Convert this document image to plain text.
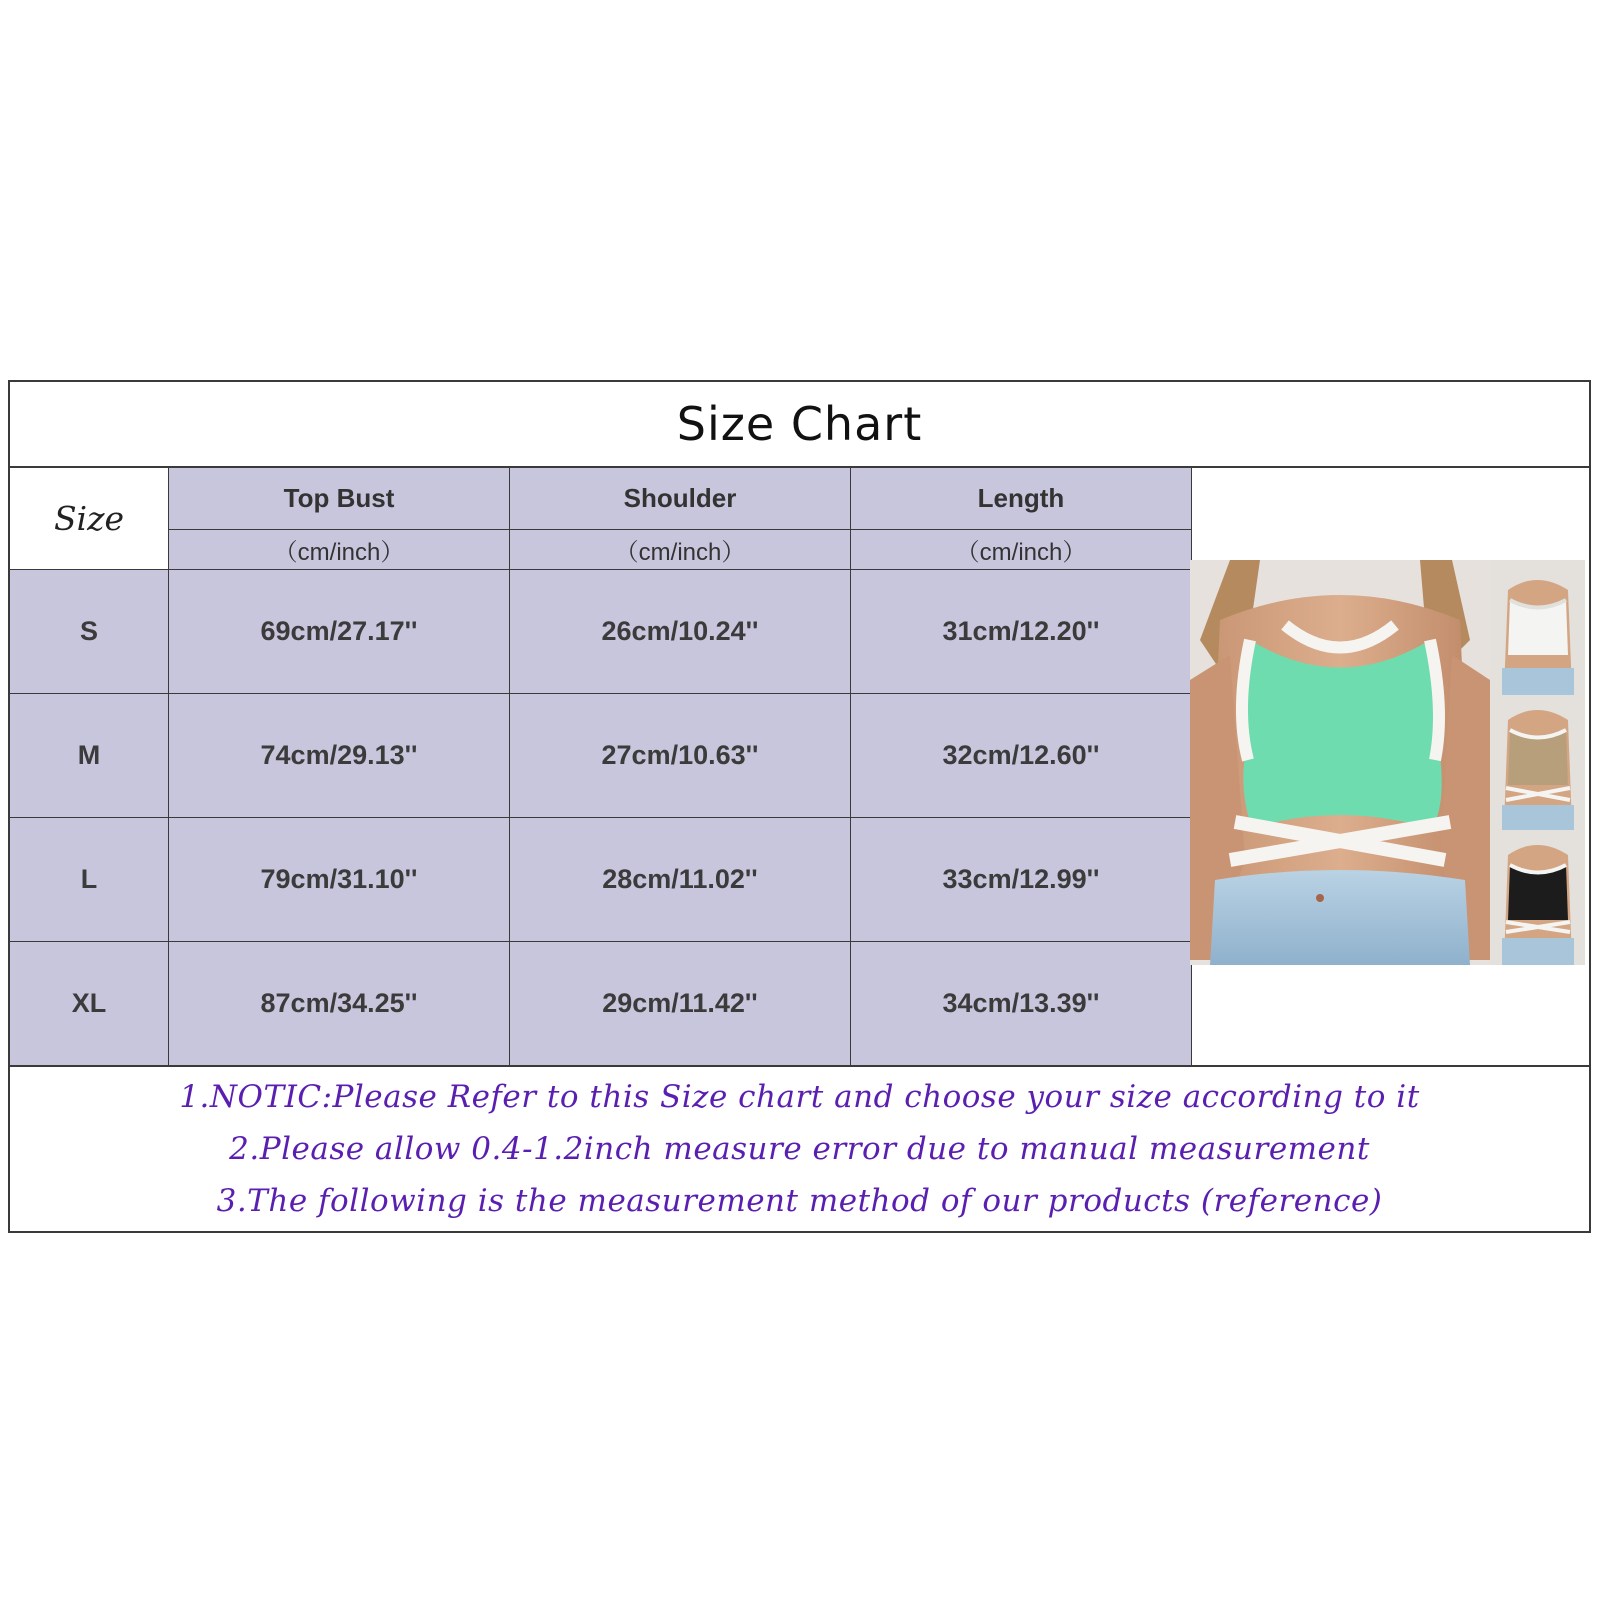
Size Chart
Size
Top Bust	Shoulder	Length
（cm/inch）	（cm/inch）	（cm/inch）
S	69cm/27.17''	26cm/10.24''	31cm/12.20''
M	74cm/29.13''	27cm/10.63''	32cm/12.60''
L	79cm/31.10''	28cm/11.02''	33cm/12.99''
XL	87cm/34.25''	29cm/11.42''	34cm/13.39''
1.NOTIC:Please Refer to this Size chart and choose your size according to it
2.Please allow 0.4-1.2inch measure error due to manual measurement
3.The following is the measurement method of our products (reference)
